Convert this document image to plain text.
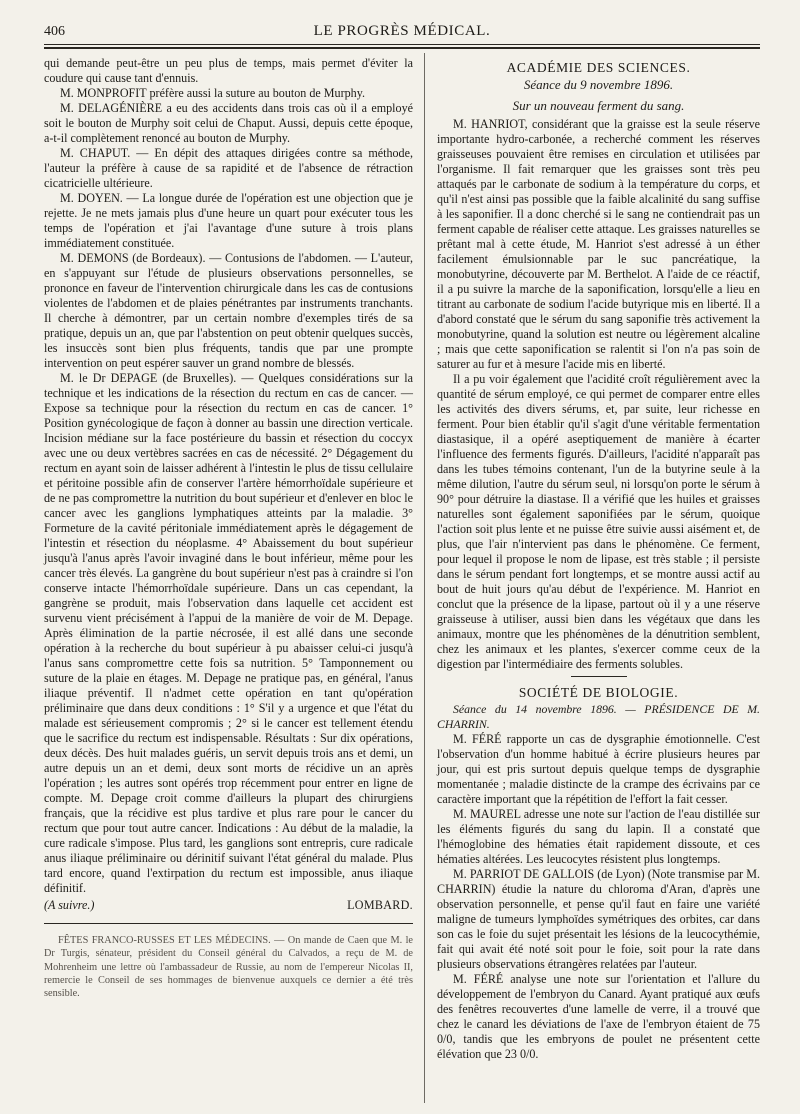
406	LE PROGRÈS MÉDICAL.

qui demande peut-être un peu plus de temps, mais permet d'éviter la coudure qui cause tant d'ennuis.

M. MONPROFIT préfère aussi la suture au bouton de Murphy.

M. DELAGÉNIÈRE a eu des accidents dans trois cas où il a employé soit le bouton de Murphy soit celui de Chaput. Aussi, depuis cette époque, a-t-il complètement renoncé au bouton de Murphy.

M. CHAPUT. — En dépit des attaques dirigées contre sa méthode, l'auteur la préfère à cause de sa rapidité et de l'absence de rétraction cicatricielle ultérieure.

M. DOYEN. — La longue durée de l'opération est une objection que je rejette. Je ne mets jamais plus d'une heure un quart pour exécuter tous les temps de l'opération et j'ai l'avantage d'une suture à trois plans immédiatement constituée.

M. DEMONS (de Bordeaux). — Contusions de l'abdomen. — L'auteur, en s'appuyant sur l'étude de plusieurs observations personnelles, se prononce en faveur de l'intervention chirurgicale dans les cas de contusions violentes de l'abdomen et de plaies pénétrantes par instruments tranchants. Il cherche à démontrer, par un certain nombre d'exemples tirés de sa pratique, depuis un an, que par l'abstention on peut obtenir quelques succès, les insuccès sont bien plus fréquents, tandis que par une prompte intervention on peut espérer sauver un grand nombre de blessés.

M. le Dr DEPAGE (de Bruxelles). — Quelques considérations sur la technique et les indications de la résection du rectum en cas de cancer. — Expose sa technique pour la résection du rectum en cas de cancer. 1° Position gynécologique de façon à donner au bassin une direction verticale. Incision médiane sur la face postérieure du bassin et résection du coccyx avec une ou deux vertèbres sacrées en cas de nécessité. 2° Dégagement du rectum en ayant soin de laisser adhérent à l'intestin le plus de tissu cellulaire et péritoine possible afin de conserver l'artère hémorrhoïdale supérieure et de ne pas compromettre la nutrition du bout supérieur et d'enlever en bloc le cancer avec les ganglions lymphatiques atteints par la maladie. 3° Formeture de la cavité péritoniale immédiatement après le dégagement de l'intestin et résection du néoplasme. 4° Abaissement du bout supérieur jusqu'à l'anus après l'avoir invaginé dans le bout inférieur, même pour les cancer très élevés. La gangrène du bout supérieur n'est pas à craindre si l'on conserve intacte l'hémorrhoïdale supérieure. Dans un cas cependant, la gangrène se produit, mais l'observation dans laquelle cet accident est survenu vient précisément à l'appui de la manière de voir de M. Depage. Après élimination de la partie nécrosée, il est allé dans une seconde opération à la recherche du bout supérieur à pu abaisser celui-ci jusqu'à l'anus sans compromettre cette fois sa nutrition. 5° Tamponnement ou suture de la plaie en étages. M. Depage ne pratique pas, en général, l'anus iliaque préventif. Il n'admet cette opération en tant qu'opération préliminaire que dans deux conditions : 1° S'il y a urgence et que l'état du malade est sérieusement compromis ; 2° si le cancer est tellement étendu que le sacrifice du rectum est indispensable. Résultats : Sur dix opérations, deux décès. Des huit malades guéris, un servit depuis trois ans et demi, un autre depuis un an et demi, deux sont morts de récidive un an après l'opération ; les autres sont opérés trop récemment pour entrer en ligne de compte. M. Depage croit comme d'ailleurs la plupart des chirurgiens français, que la récidive est plus tardive et plus rare pour le cancer du rectum que pour tout autre cancer. Indications : Au début de la maladie, la cure radicale s'impose. Plus tard, les ganglions sont entrepris, cure radicale anus iliaque préliminaire ou dérinitif suivant l'état général du malade. Plus tard encore, quand l'extirpation du rectum est impossible, anus iliaque définitif.

(A suivre.)	LOMBARD.

FÊTES FRANCO-RUSSES ET LES MÉDECINS. — On mande de Caen que M. le Dr Turgis, sénateur, président du Conseil général du Calvados, a reçu de M. de Mohrenheim une lettre où l'ambassadeur de Russie, au nom de l'empereur Nicolas II, remercie le Conseil de ses hommages de bienvenue auxquels ce dernier a été très sensible.

ACADÉMIE DES SCIENCES.
Séance du 9 novembre 1896.
Sur un nouveau ferment du sang.

M. HANRIOT, considérant que la graisse est la seule réserve importante hydro-carbonée, a recherché comment les réserves graisseuses pouvaient être remises en circulation et utilisées par l'organisme. Il fait remarquer que les graisses sont très peu attaqués par le carbonate de sodium à la température du corps, et qu'il n'est ainsi pas possible que la faible alcalinité du sang suffise à les saponifier. Il a donc cherché si le sang ne contiendrait pas un ferment capable de réaliser cette attaque. Les graisses naturelles se prêtant mal à cette étude, M. Hanriot s'est adressé à un éther facilement émulsionnable par le suc pancréatique, la monobutyrine, découverte par M. Berthelot. A l'aide de ce réactif, il a pu suivre la marche de la saponification, lorsqu'elle a lieu en titrant au carbonate de sodium l'acide butyrique mis en liberté. Il a d'abord constaté que le sérum du sang saponifie très activement la monobutyrine, quand la solution est neutre ou légèrement alcaline ; mais que cette saponification se ralentit si l'on n'a pas soin de saturer au fur et à mesure l'acide mis en liberté.

Il a pu voir également que l'acidité croît régulièrement avec la quantité de sérum employé, ce qui permet de comparer entre elles les activités des divers sérums, et, par suite, leur richesse en ferment. Pour bien établir qu'il s'agit d'une véritable fermentation diastasique, il a opéré aseptiquement de manière à écarter l'influence des ferments figurés. D'ailleurs, l'acidité n'apparaît pas dans les tubes témoins contenant, l'un de la butyrine seule à la même dilution, l'autre du sérum seul, ni lorsqu'on porte le sérum à 90° pour détruire la diastase. Il a vérifié que les huiles et graisses naturelles sont également saponifiées par le sérum, quoique l'action soit plus lente et ne puisse être suivie aussi aisément et, de plus, que l'air n'intervient pas dans le phénomène. Ce ferment, pour lequel il propose le nom de lipase, est très stable ; il persiste dans le sérum pendant fort longtemps, et se montre aussi actif au bout de huit jours qu'au début de l'expérience. M. Hanriot en conclut que la présence de la lipase, partout où il y a une réserve graisseuse à utiliser, aussi bien dans les végétaux que dans les animaux, montre que les phénomènes de la dénutrition semblent, chez les animaux et les plantes, s'exercer comme ceux de la digestion par l'intermédiaire des ferments solubles.

SOCIÉTÉ DE BIOLOGIE.

Séance du 14 novembre 1896. — PRÉSIDENCE DE M. CHARRIN.

M. FÉRÉ rapporte un cas de dysgraphie émotionnelle. C'est l'observation d'un homme habitué à écrire plusieurs heures par jour, qui est pris surtout depuis quelque temps de dysgraphie momentanée ; maladie distincte de la crampe des écrivains par ce caractère important que la répétition de l'effort la fait cesser.

M. MAUREL adresse une note sur l'action de l'eau distillée sur les éléments figurés du sang du lapin. Il a constaté que l'hémoglobine des hématies était rapidement dissoute, et ces hématies altérées. Les leucocytes résistent plus longtemps.

M. PARRIOT DE GALLOIS (de Lyon) (Note transmise par M. CHARRIN) étudie la nature du chloroma d'Aran, d'après une observation personnelle, et pense qu'il faut en faire une variété maligne de tumeurs lymphoïdes symétriques des orbites, car dans son cas le foie du sujet présentait les lésions de la leucocythémie, fait qui avait été noté soit pour le foie, soit pour la rate dans plusieurs observations étrangères relatées par l'auteur.

M. FÉRÉ analyse une note sur l'orientation et l'allure du développement de l'embryon du Canard. Ayant pratiqué aux œufs des fenêtres recouvertes d'une lamelle de verre, il a trouvé que chez le canard les déviations de l'axe de l'embryon étaient de 75 0/0, tandis que les embryons de poulet ne présentent cette élévation que 23 0/0.
